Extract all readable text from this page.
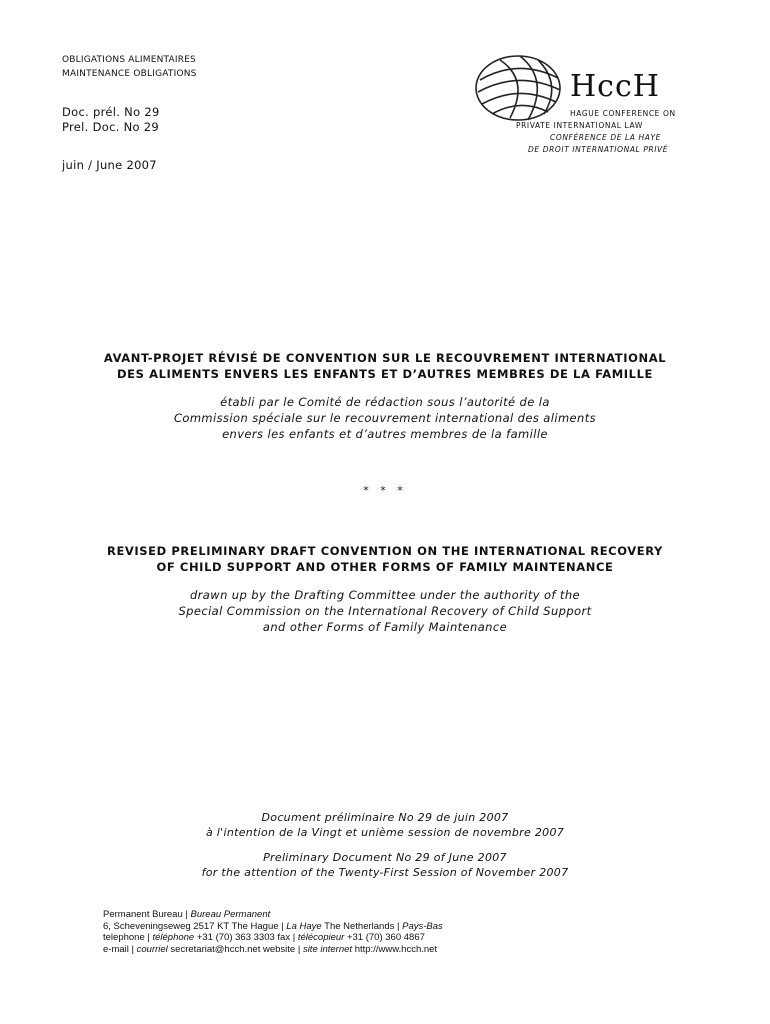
OBLIGATIONS ALIMENTAIRES
MAINTENANCE OBLIGATIONS
Doc. prél. No 29
Prel. Doc. No 29
juin / June 2007
HccH
HAGUE CONFERENCE ON
PRIVATE INTERNATIONAL LAW
CONFÉRENCE DE LA HAYE
DE DROIT INTERNATIONAL PRIVÉ
AVANT-PROJET RÉVISÉ DE CONVENTION SUR LE RECOUVREMENT INTERNATIONAL
DES ALIMENTS ENVERS LES ENFANTS ET D’AUTRES MEMBRES DE LA FAMILLE
établi par le Comité de rédaction sous l’autorité de la
Commission spéciale sur le recouvrement international des aliments
envers les enfants et d’autres membres de la famille
* * *
REVISED PRELIMINARY DRAFT CONVENTION ON THE INTERNATIONAL RECOVERY
OF CHILD SUPPORT AND OTHER FORMS OF FAMILY MAINTENANCE
drawn up by the Drafting Committee under the authority of the
Special Commission on the International Recovery of Child Support
and other Forms of Family Maintenance
Document préliminaire No 29 de juin 2007
à l'intention de la Vingt et unième session de novembre 2007
Preliminary Document No 29 of June 2007
for the attention of the Twenty-First Session of November 2007
Permanent Bureau | Bureau Permanent
6, Scheveningseweg 2517 KT The Hague | La Haye The Netherlands | Pays-Bas
telephone | téléphone +31 (70) 363 3303 fax | télécopieur +31 (70) 360 4867
e-mail | courriel secretariat@hcch.net website | site internet http://www.hcch.net
